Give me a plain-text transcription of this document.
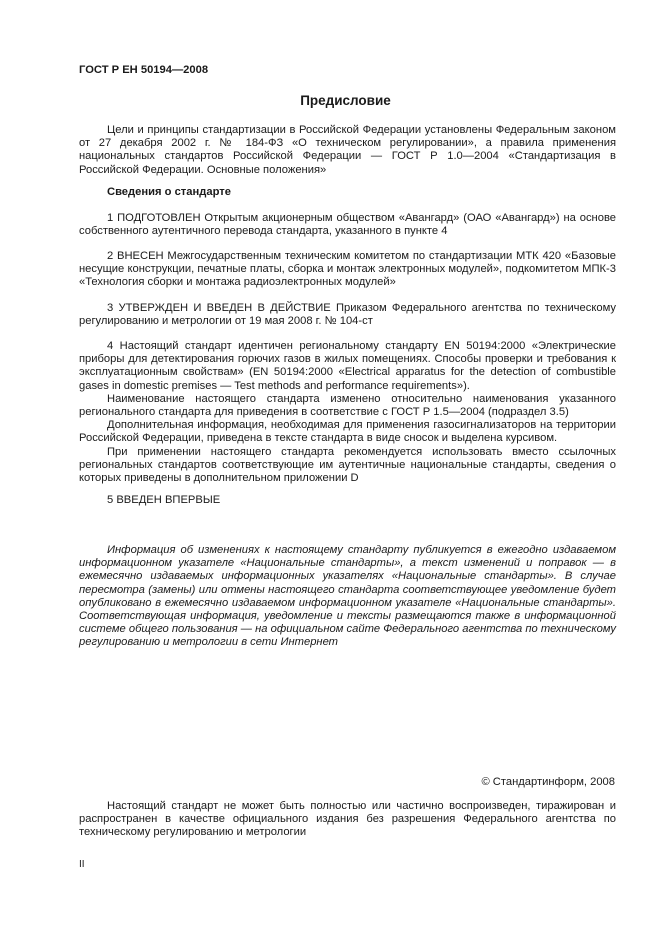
ГОСТ Р ЕН 50194—2008
Предисловие

Цели и принципы стандартизации в Российской Федерации установлены Федеральным законом от 27 декабря 2002 г. № 184-ФЗ «О техническом регулировании», а правила применения национальных стандартов Российской Федерации — ГОСТ Р 1.0—2004 «Стандартизация в Российской Федерации. Основные положения»

Сведения о стандарте

1 ПОДГОТОВЛЕН Открытым акционерным обществом «Авангард» (ОАО «Авангард») на основе собственного аутентичного перевода стандарта, указанного в пункте 4

2 ВНЕСЕН Межгосударственным техническим комитетом по стандартизации МТК 420 «Базовые несущие конструкции, печатные платы, сборка и монтаж электронных модулей», подкомитетом МПК-3 «Технология сборки и монтажа радиоэлектронных модулей»

3 УТВЕРЖДЕН И ВВЕДЕН В ДЕЙСТВИЕ Приказом Федерального агентства по техническому регулированию и метрологии от 19 мая 2008 г. № 104-ст

4 Настоящий стандарт идентичен региональному стандарту EN 50194:2000 «Электрические приборы для детектирования горючих газов в жилых помещениях. Способы проверки и требования к эксплуатационным свойствам» (EN 50194:2000 «Electrical apparatus for the detection of combustible gases in domestic premises — Test methods and performance requirements»).

Наименование настоящего стандарта изменено относительно наименования указанного регионального стандарта для приведения в соответствие с ГОСТ Р 1.5—2004 (подраздел 3.5)

Дополнительная информация, необходимая для применения газосигнализаторов на территории Российской Федерации, приведена в тексте стандарта в виде сносок и выделена курсивом.

При применении настоящего стандарта рекомендуется использовать вместо ссылочных региональных стандартов соответствующие им аутентичные национальные стандарты, сведения о которых приведены в дополнительном приложении D

5 ВВЕДЕН ВПЕРВЫЕ

Информация об изменениях к настоящему стандарту публикуется в ежегодно издаваемом информационном указателе «Национальные стандарты», а текст изменений и поправок — в ежемесячно издаваемых информационных указателях «Национальные стандарты». В случае пересмотра (замены) или отмены настоящего стандарта соответствующее уведомление будет опубликовано в ежемесячно издаваемом информационном указателе «Национальные стандарты». Соответствующая информация, уведомление и тексты размещаются также в информационной системе общего пользования — на официальном сайте Федерального агентства по техническому регулированию и метрологии в сети Интернет

© Стандартинформ, 2008

Настоящий стандарт не может быть полностью или частично воспроизведен, тиражирован и распространен в качестве официального издания без разрешения Федерального агентства по техническому регулированию и метрологии

II
